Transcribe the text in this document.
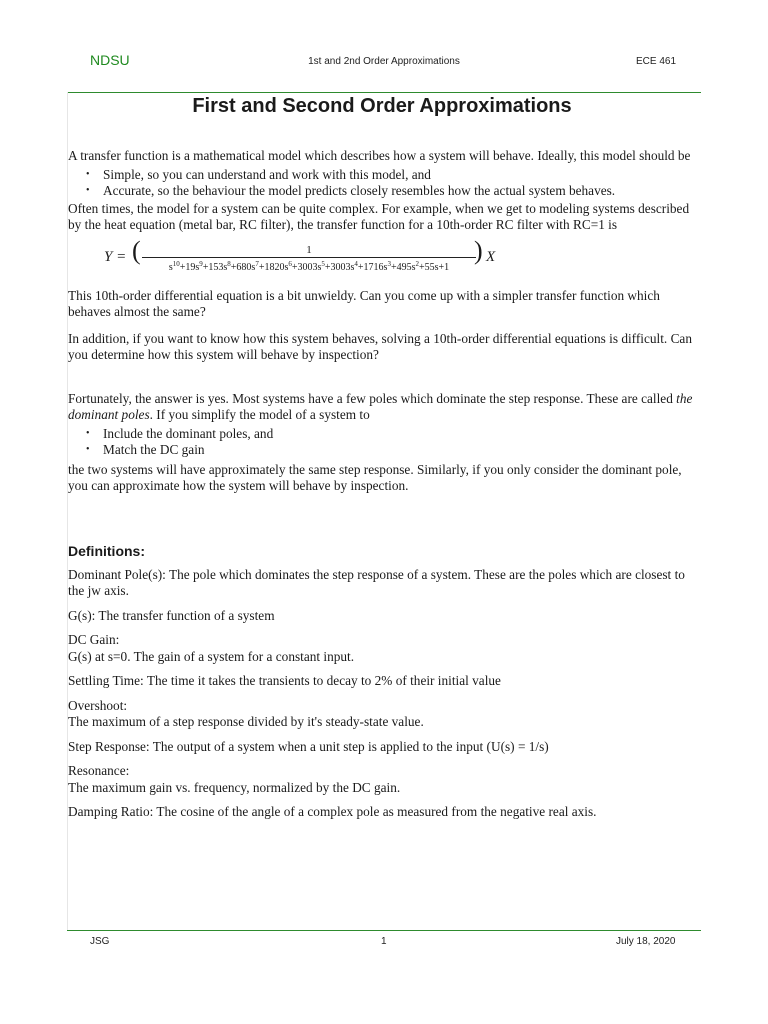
NDSU	1st and 2nd Order Approximations	ECE 461
First and Second Order Approximations

A transfer function is a mathematical model which describes how a system will behave. Ideally, this model should be

• Simple, so you can understand and work with this model, and
• Accurate, so the behaviour the model predicts closely resembles how the actual system behaves.

Often times, the model for a system can be quite complex. For example, when we get to modeling systems described by the heat equation (metal bar, RC filter), the transfer function for a 10th-order RC filter with RC=1 is

Y = (	1
$s^{10}+19s^9+153s^8+680s^7+1820s^6+3003s^5+3003s^4+1716s^3+495s^2+55s+1$
) X

This 10th-order differential equation is a bit unwieldy. Can you come up with a simpler transfer function which behaves almost the same?

In addition, if you want to know how this system behaves, solving a 10th-order differential equations is difficult. Can you determine how this system will behave by inspection?

Fortunately, the answer is yes. Most systems have a few poles which dominate the step response. These are called the dominant poles. If you simplify the model of a system to

• Include the dominant poles, and
• Match the DC gain

the two systems will have approximately the same step response. Similarly, if you only consider the dominant pole, you can approximate how the system will behave by inspection.

Definitions:

Dominant Pole(s): The pole which dominates the step response of a system. These are the poles which are closest to the jw axis.

G(s): The transfer function of a system

DC Gain:
G(s) at s=0. The gain of a system for a constant input.

Settling Time: The time it takes the transients to decay to 2% of their initial value

Overshoot:
The maximum of a step response divided by it's steady-state value.

Step Response: The output of a system when a unit step is applied to the input (U(s) = 1/s)

Resonance:
The maximum gain vs. frequency, normalized by the DC gain.

Damping Ratio: The cosine of the angle of a complex pole as measured from the negative real axis.

JSG	1	July 18, 2020
